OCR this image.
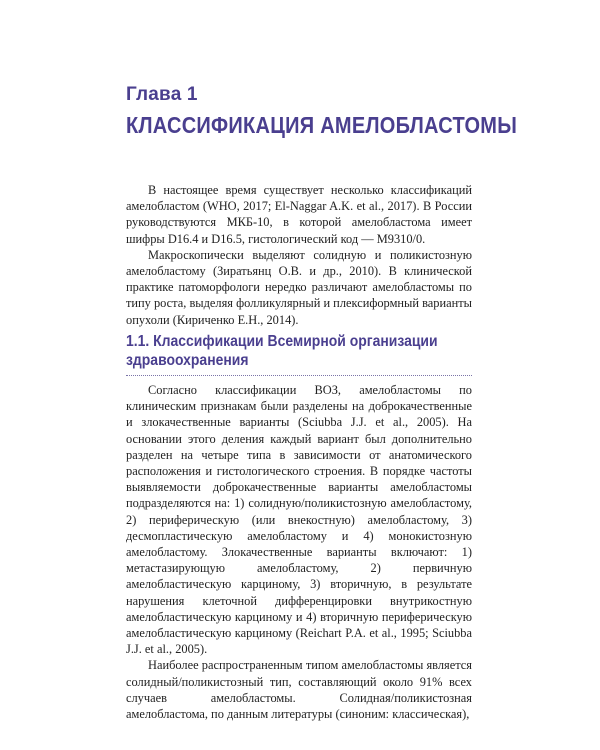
Глава 1
КЛАССИФИКАЦИЯ АМЕЛОБЛАСТОМЫ

В настоящее время существует несколько классификаций амелобластом (WHO, 2017; El-Naggar A.K. et al., 2017). В России руководствуются МКБ-10, в которой амелобластома имеет шифры D16.4 и D16.5, гистологический код — M9310/0.

Макроскопически выделяют солидную и поликистозную амелобластому (Зиратьянц О.В. и др., 2010). В клинической практике патоморфологи нередко различают амелобластомы по типу роста, выделяя фолликулярный и плексиформный варианты опухоли (Кириченко Е.Н., 2014).

1.1. Классификации Всемирной организации
здравоохранения

Согласно классификации ВОЗ, амелобластомы по клиническим признакам были разделены на доброкачественные и злокачественные варианты (Sciubba J.J. et al., 2005). На основании этого деления каждый вариант был дополнительно разделен на четыре типа в зависимости от анатомического расположения и гистологического строения. В порядке частоты выявляемости доброкачественные варианты амелобластомы подразделяются на: 1) солидную/поликистозную амелобластому, 2) периферическую (или внекостную) амелобластому, 3) десмопластическую амелобластому и 4) монокистозную амелобластому. Злокачественные варианты включают: 1) метастазирующую амелобластому, 2) первичную амелобластическую карциному, 3) вторичную, в результате нарушения клеточной дифференцировки внутрикостную амелобластическую карциному и 4) вторичную периферическую амелобластическую карциному (Reichart P.A. et al., 1995; Sciubba J.J. et al., 2005).

Наиболее распространенным типом амелобластомы является солидный/поликистозный тип, составляющий около 91% всех случаев амелобластомы. Солидная/поликистозная амелобластома, по данным литературы (синоним: классическая),
